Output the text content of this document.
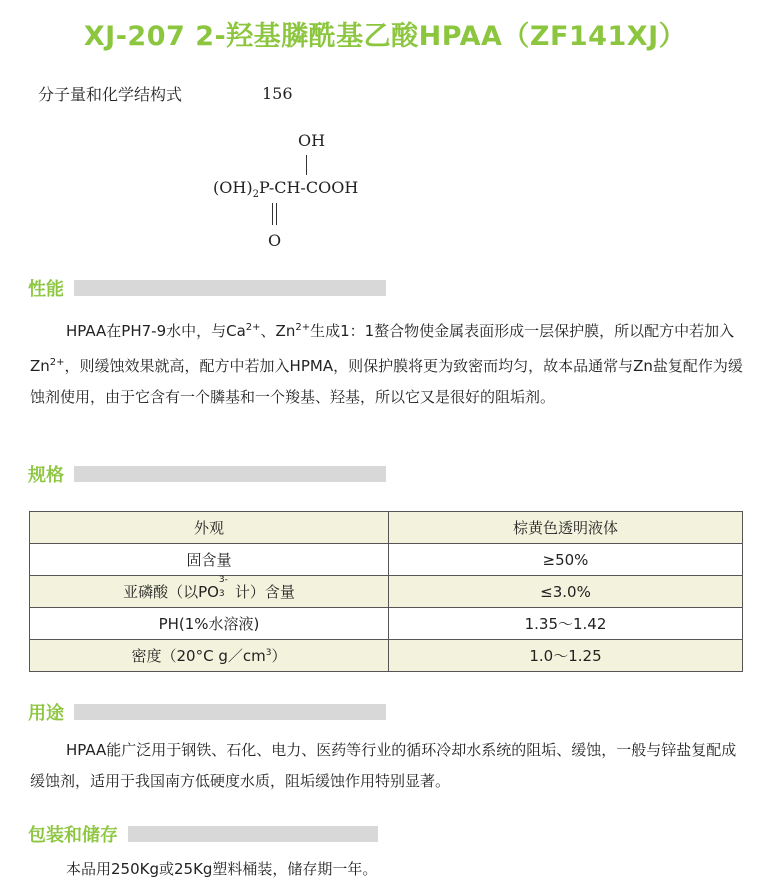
XJ-207 2-羟基膦酰基乙酸HPAA（ZF141XJ）
分子量和化学结构式	156
OH
$(OH)_2P-CH$-COOH
O
性能
HPAA在PH7-9水中，与$Ca^{2+}$、$Zn^{2+}$生成1：1螯合物使金属表面形成一层保护膜，所以配方中若加入$Zn^{2+}$，则缓蚀效果就高，配方中若加入HPMA，则保护膜将更为致密而均匀，故本品通常与Zn盐复配作为缓蚀剂使用，由于它含有一个膦基和一个羧基、羟基，所以它又是很好的阻垢剂。
规格
外观	棕黄色透明液体
固含量	≥50%
亚磷酸（以PO
3-
3 计）含量	≤3.0%
PH(1%水溶液)	1.35～1.42
密度（20°C $g/cm^3$）	1.0～1.25
用途
HPAA能广泛用于钢铁、石化、电力、医药等行业的循环冷却水系统的阻垢、缓蚀，一般与锌盐复配成缓蚀剂，适用于我国南方低硬度水质，阻垢缓蚀作用特别显著。
包装和储存
本品用250Kg或25Kg塑料桶装，储存期一年。
